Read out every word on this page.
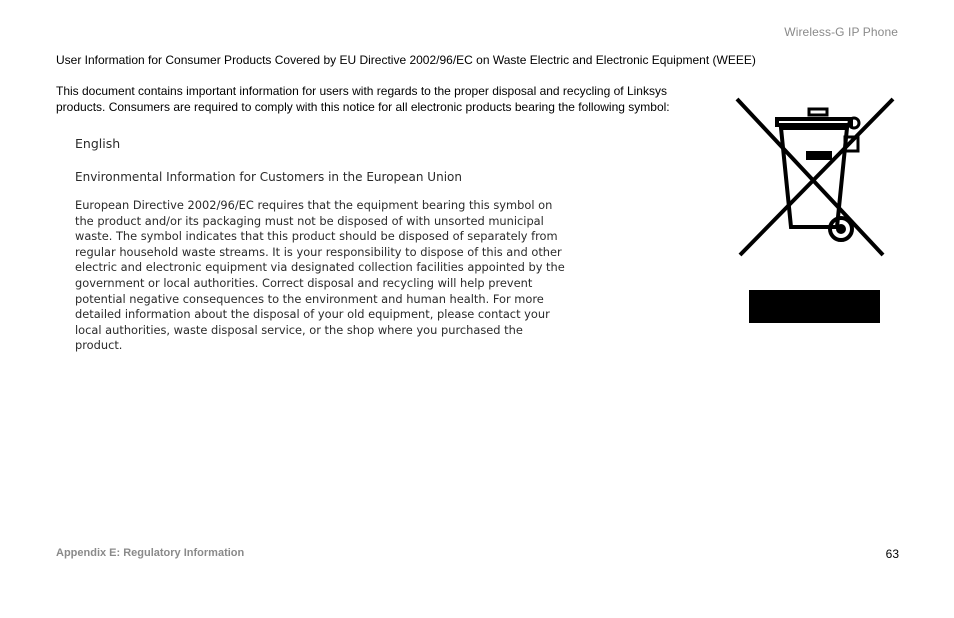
Wireless-G IP Phone
User Information for Consumer Products Covered by EU Directive 2002/96/EC on Waste Electric and Electronic Equipment (WEEE)

This document contains important information for users with regards to the proper disposal and recycling of Linksys products. Consumers are required to comply with this notice for all electronic products bearing the following symbol:

English

Environmental Information for Customers in the European Union

European Directive 2002/96/EC requires that the equipment bearing this symbol on the product and/or its packaging must not be disposed of with unsorted municipal waste. The symbol indicates that this product should be disposed of separately from regular household waste streams. It is your responsibility to dispose of this and other electric and electronic equipment via designated collection facilities appointed by the government or local authorities. Correct disposal and recycling will help prevent potential negative consequences to the environment and human health. For more detailed information about the disposal of your old equipment, please contact your local authorities, waste disposal service, or the shop where you purchased the product.

Appendix E: Regulatory Information	63
